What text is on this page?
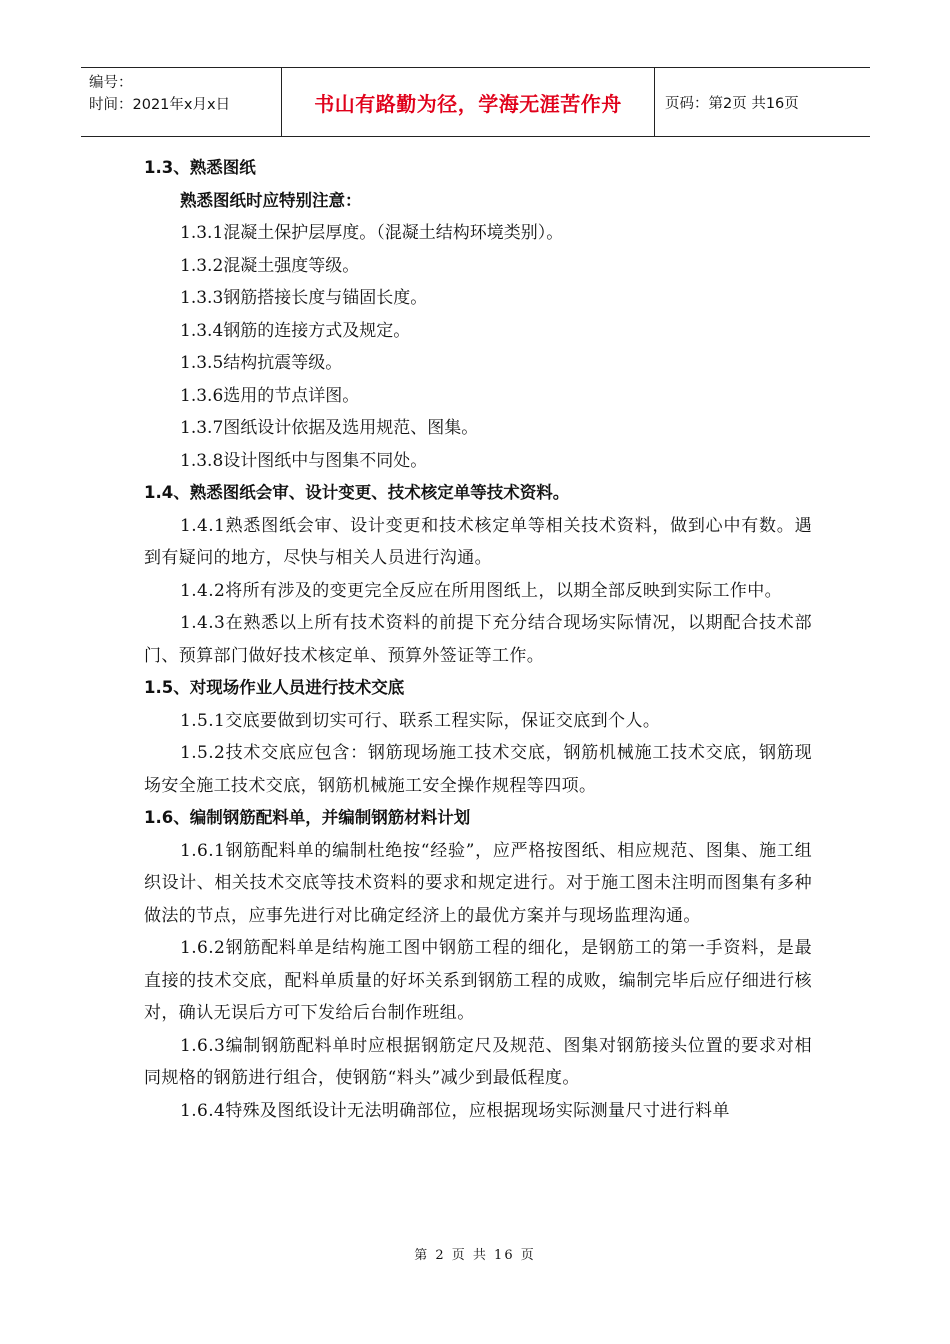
编号：
时间：2021年x月x日	书山有路勤为径，学海无涯苦作舟	页码：第2页 共16页
1.3、熟悉图纸
熟悉图纸时应特别注意：
1.3.1混凝土保护层厚度。（混凝土结构环境类别）。
1.3.2混凝土强度等级。
1.3.3钢筋搭接长度与锚固长度。
1.3.4钢筋的连接方式及规定。
1.3.5结构抗震等级。
1.3.6选用的节点详图。
1.3.7图纸设计依据及选用规范、图集。
1.3.8设计图纸中与图集不同处。
1.4、熟悉图纸会审、设计变更、技术核定单等技术资料。
1.4.1熟悉图纸会审、设计变更和技术核定单等相关技术资料，做到心中有数。遇到有疑问的地方，尽快与相关人员进行沟通。
1.4.2将所有涉及的变更完全反应在所用图纸上，以期全部反映到实际工作中。
1.4.3在熟悉以上所有技术资料的前提下充分结合现场实际情况，以期配合技术部门、预算部门做好技术核定单、预算外签证等工作。
1.5、对现场作业人员进行技术交底
1.5.1交底要做到切实可行、联系工程实际，保证交底到个人。
1.5.2技术交底应包含：钢筋现场施工技术交底，钢筋机械施工技术交底，钢筋现场安全施工技术交底，钢筋机械施工安全操作规程等四项。
1.6、编制钢筋配料单，并编制钢筋材料计划
1.6.1钢筋配料单的编制杜绝按“经验”，应严格按图纸、相应规范、图集、施工组织设计、相关技术交底等技术资料的要求和规定进行。对于施工图未注明而图集有多种做法的节点，应事先进行对比确定经济上的最优方案并与现场监理沟通。
1.6.2钢筋配料单是结构施工图中钢筋工程的细化，是钢筋工的第一手资料，是最直接的技术交底，配料单质量的好坏关系到钢筋工程的成败，编制完毕后应仔细进行核对，确认无误后方可下发给后台制作班组。
1.6.3编制钢筋配料单时应根据钢筋定尺及规范、图集对钢筋接头位置的要求对相同规格的钢筋进行组合，使钢筋“料头”减少到最低程度。
1.6.4特殊及图纸设计无法明确部位，应根据现场实际测量尺寸进行料单
第 2 页 共 16 页
